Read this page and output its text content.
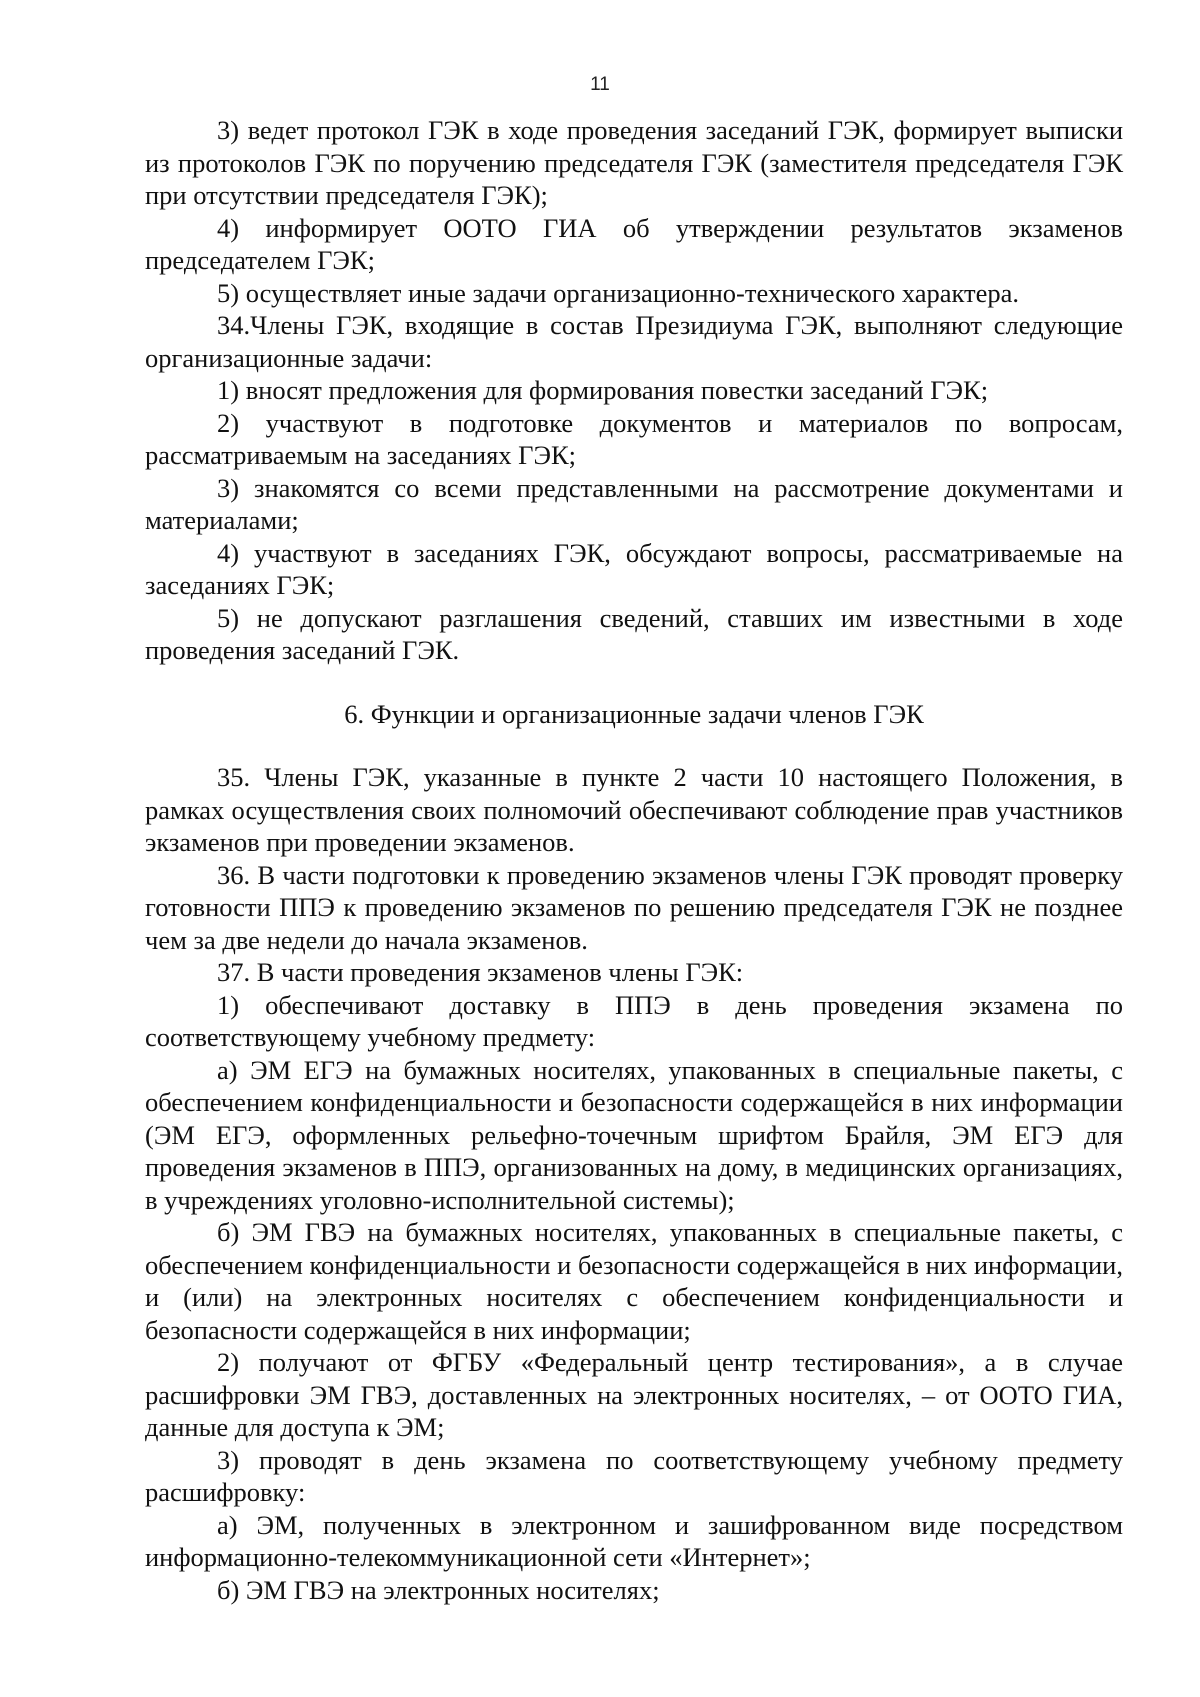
11

3) ведет протокол ГЭК в ходе проведения заседаний ГЭК, формирует выписки из протоколов ГЭК по поручению председателя ГЭК (заместителя председателя ГЭК при отсутствии председателя ГЭК);

4) информирует ООТО ГИА об утверждении результатов экзаменов председателем ГЭК;

5) осуществляет иные задачи организационно-технического характера.

34.Члены ГЭК, входящие в состав Президиума ГЭК, выполняют следующие организационные задачи:

1) вносят предложения для формирования повестки заседаний ГЭК;

2) участвуют в подготовке документов и материалов по вопросам, рассматриваемым на заседаниях ГЭК;

3) знакомятся со всеми представленными на рассмотрение документами и материалами;

4) участвуют в заседаниях ГЭК, обсуждают вопросы, рассматриваемые на заседаниях ГЭК;

5) не допускают разглашения сведений, ставших им известными в ходе проведения заседаний ГЭК.

6. Функции и организационные задачи членов ГЭК

35. Члены ГЭК, указанные в пункте 2 части 10 настоящего Положения, в рамках осуществления своих полномочий обеспечивают соблюдение прав участников экзаменов при проведении экзаменов.

36. В части подготовки к проведению экзаменов члены ГЭК проводят проверку готовности ППЭ к проведению экзаменов по решению председателя ГЭК не позднее чем за две недели до начала экзаменов.

37. В части проведения экзаменов члены ГЭК:

1) обеспечивают доставку в ППЭ в день проведения экзамена по соответствующему учебному предмету:

а) ЭМ ЕГЭ на бумажных носителях, упакованных в специальные пакеты, с обеспечением конфиденциальности и безопасности содержащейся в них информации (ЭМ ЕГЭ, оформленных рельефно-точечным шрифтом Брайля, ЭМ ЕГЭ для проведения экзаменов в ППЭ, организованных на дому, в медицинских организациях, в учреждениях уголовно-исполнительной системы);

б) ЭМ ГВЭ на бумажных носителях, упакованных в специальные пакеты, с обеспечением конфиденциальности и безопасности содержащейся в них информации, и (или) на электронных носителях с обеспечением конфиденциальности и безопасности содержащейся в них информации;

2) получают от ФГБУ «Федеральный центр тестирования», а в случае расшифровки ЭМ ГВЭ, доставленных на электронных носителях, – от ООТО ГИА, данные для доступа к ЭМ;

3) проводят в день экзамена по соответствующему учебному предмету расшифровку:

а) ЭМ, полученных в электронном и зашифрованном виде посредством информационно-телекоммуникационной сети «Интернет»;

б) ЭМ ГВЭ на электронных носителях;
